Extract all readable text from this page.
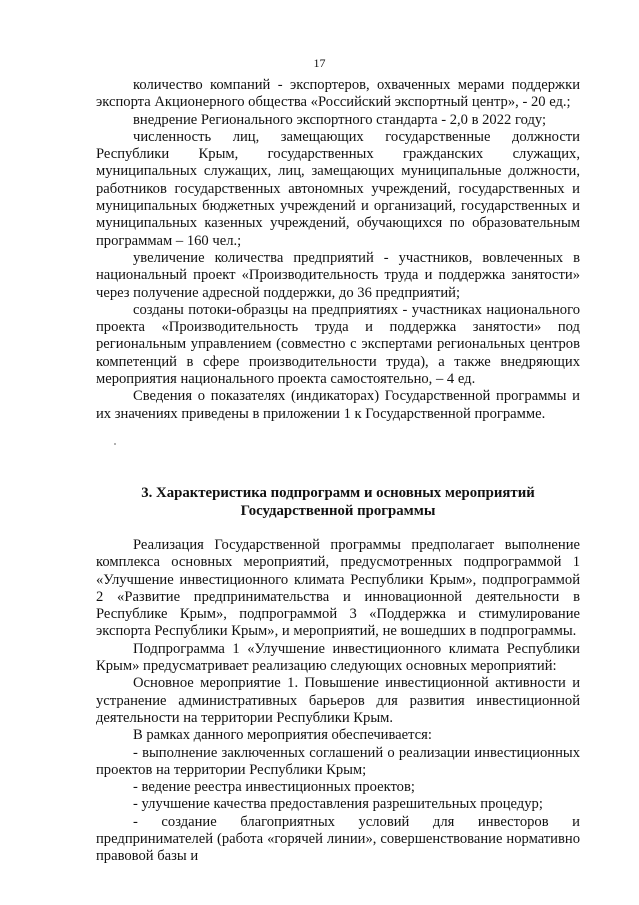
17

количество компаний - экспортеров, охваченных мерами поддержки экспорта Акционерного общества «Российский экспортный центр», - 20 ед.;

внедрение Регионального экспортного стандарта - 2,0 в 2022 году;

численность лиц, замещающих государственные должности Республики Крым, государственных гражданских служащих, муниципальных служащих, лиц, замещающих муниципальные должности, работников государственных автономных учреждений, государственных и муниципальных бюджетных учреждений и организаций, государственных и муниципальных казенных учреждений, обучающихся по образовательным программам – 160 чел.;

увеличение количества предприятий - участников, вовлеченных в национальный проект «Производительность труда и поддержка занятости» через получение адресной поддержки, до 36 предприятий;

созданы потоки-образцы на предприятиях - участниках национального проекта «Производительность труда и поддержка занятости» под региональным управлением (совместно с экспертами региональных центров компетенций в сфере производительности труда), а также внедряющих мероприятия национального проекта самостоятельно, – 4 ед.

Сведения о показателях (индикаторах) Государственной программы и их значениях приведены в приложении 1 к Государственной программе.

3. Характеристика подпрограмм и основных мероприятий
Государственной программы

Реализация Государственной программы предполагает выполнение комплекса основных мероприятий, предусмотренных подпрограммой 1 «Улучшение инвестиционного климата Республики Крым», подпрограммой 2 «Развитие предпринимательства и инновационной деятельности в Республике Крым», подпрограммой 3 «Поддержка и стимулирование экспорта Республики Крым», и мероприятий, не вошедших в подпрограммы.

Подпрограмма 1 «Улучшение инвестиционного климата Республики Крым» предусматривает реализацию следующих основных мероприятий:

Основное мероприятие 1. Повышение инвестиционной активности и устранение административных барьеров для развития инвестиционной деятельности на территории Республики Крым.

В рамках данного мероприятия обеспечивается:

- выполнение заключенных соглашений о реализации инвестиционных проектов на территории Республики Крым;

- ведение реестра инвестиционных проектов;

- улучшение качества предоставления разрешительных процедур;

- создание благоприятных условий для инвесторов и предпринимателей (работа «горячей линии», совершенствование нормативно правовой базы и
